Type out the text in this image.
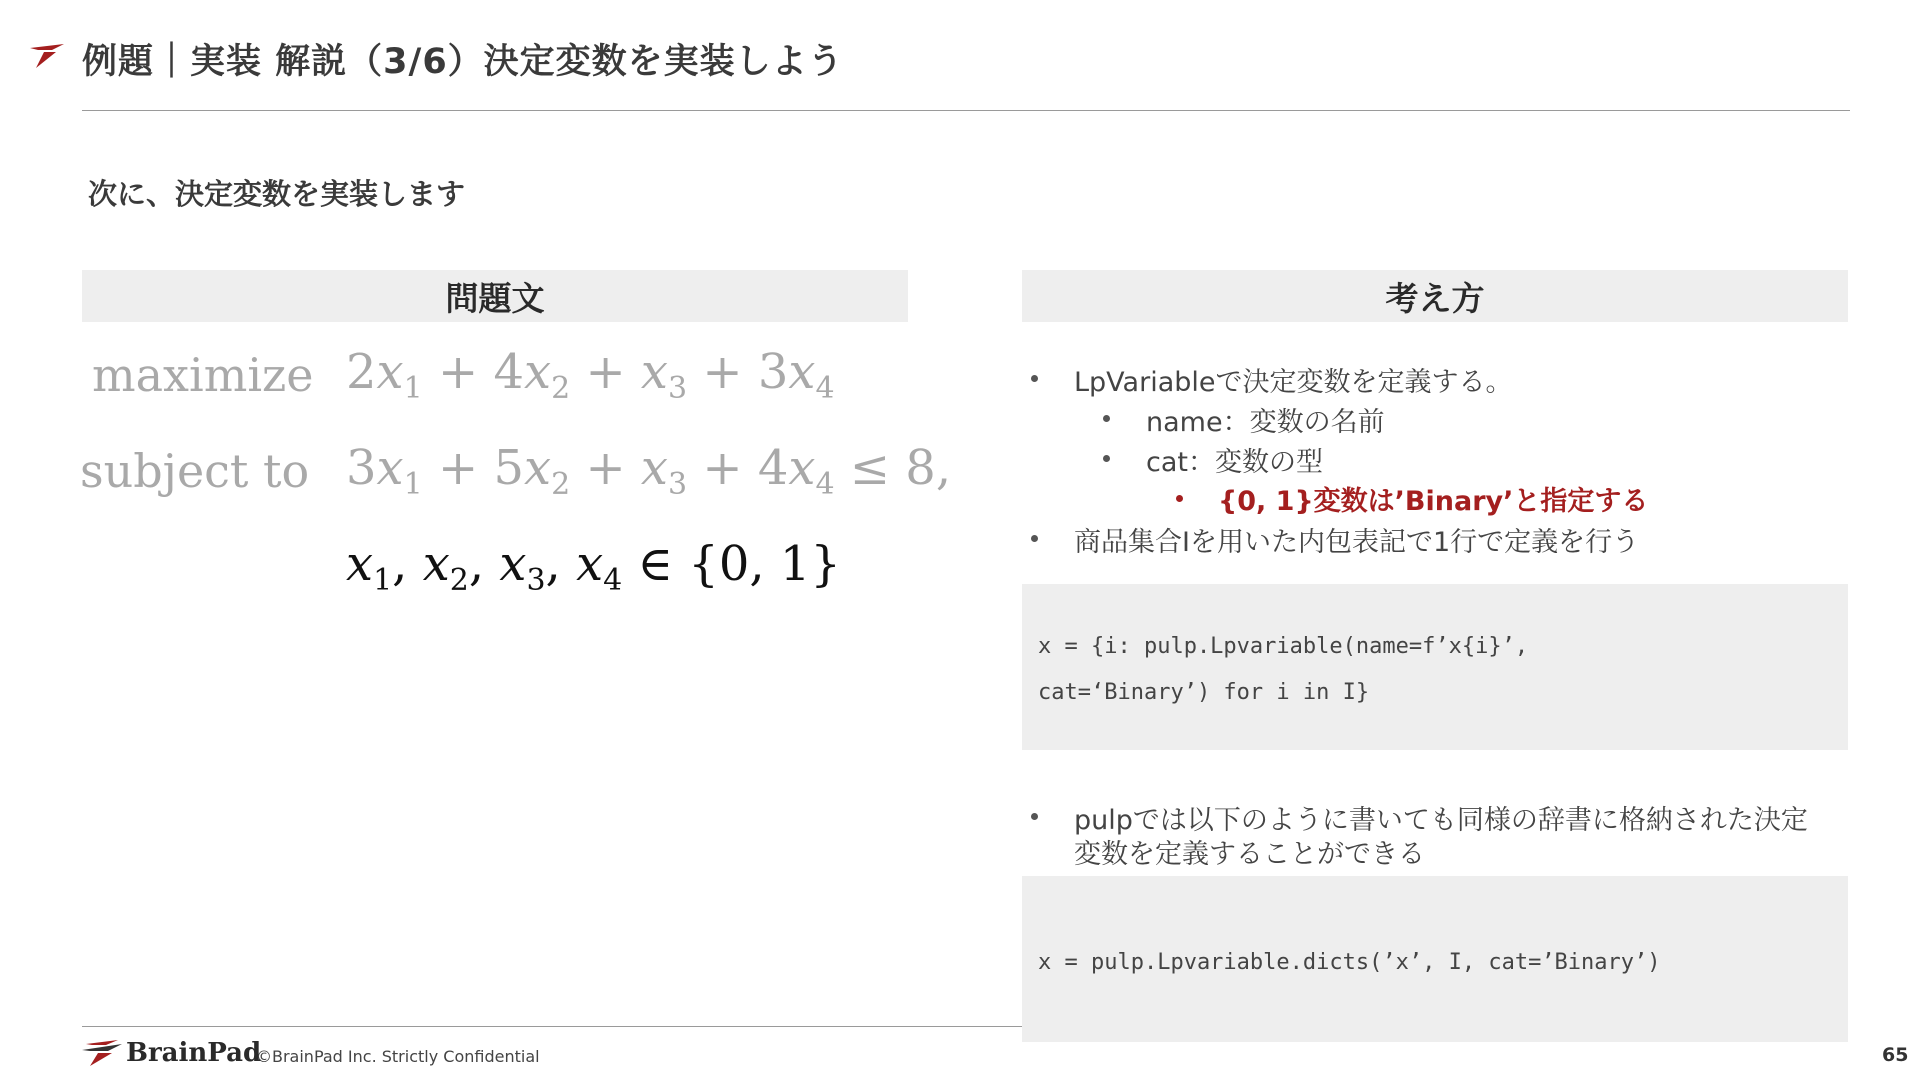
例題｜実装 解説（3/6）決定変数を実装しよう
次に、決定変数を実装します
問題文
maximize
subject to
$2x_1 + 4x_2 + x_3 + 3x_4$
$3x_1 + 5x_2 + x_3 + 4x_4 \le 8$,
$x_1$, $x_2$, $x_3$, $x_4$ ∈ {0, 1}
考え方
LpVariableで決定変数を定義する。
name：変数の名前
cat：変数の型
{0, 1}変数は’Binary’と指定する
商品集合Iを用いた内包表記で1行で定義を行う
x = {i: pulp.Lpvariable(name=f’x{i}’,
cat=‘Binary’) for i in I}
pulpでは以下のように書いても同様の辞書に格納された決定
変数を定義することができる
x = pulp.Lpvariable.dicts(’x’, I, cat=’Binary’)
BrainPad
©BrainPad Inc. Strictly Confidential	65
